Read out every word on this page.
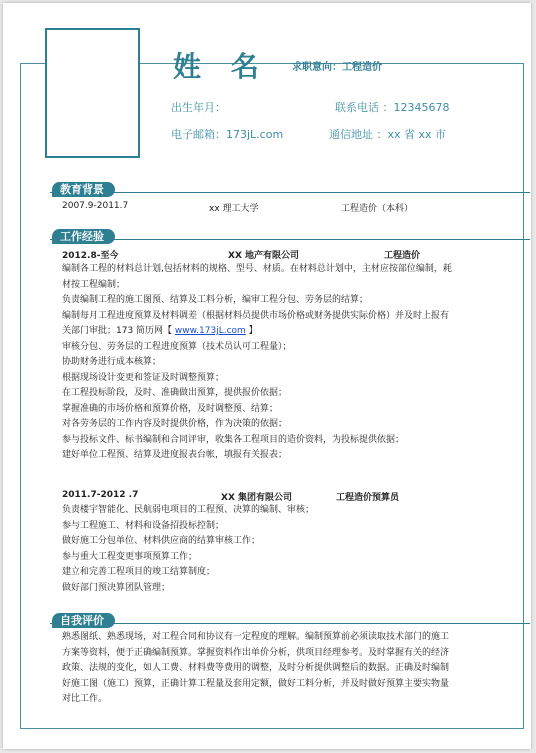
姓 名 求职意向：工程造价
出生年月：	联系电话 ：12345678
电子邮箱：173jL.com	通信地址 ：xx 省 xx 市
教育背景
2007.9-2011.7	xx 理工大学	工程造价（本科）
工作经验
2012.8-至今	XX 地产有限公司	工程造价
编制各工程的材料总计划,包括材料的规格、型号、材质。在材料总计划中，主材应按部位编制，耗
材按工程编制；
负责编制工程的施工图预、结算及工料分析，编审工程分包、劳务层的结算；
编制每月工程进度预算及材料调差（根据材料员提供市场价格或财务提供实际价格）并及时上报有
关部门审批；173 简历网【 www.173jL.com 】
审核分包、劳务层的工程进度预算（技术员认可工程量）；
协助财务进行成本核算；
根据现场设计变更和签证及时调整预算；
在工程投标阶段，及时、准确做出预算，提供报价依据；
掌握准确的市场价格和预算价格，及时调整预、结算；
对各劳务层的工作内容及时提供价格，作为决策的依据；
参与投标文件、标书编制和合同评审，收集各工程项目的造价资料，为投标提供依据；
建好单位工程预、结算及进度报表台帐，填报有关报表；
2011.7-2012 .7	XX 集团有限公司	工程造价预算员
负责楼宇智能化、民航弱电项目的工程预、决算的编制、审核；
参与工程施工、材料和设备招投标控制；
做好施工分包单位、材料供应商的结算审核工作；
参与重大工程变更事项预算工作；
建立和完善工程项目的竣工结算制度；
做好部门预决算团队管理；
自我评价
熟悉图纸、熟悉现场，对工程合同和协议有一定程度的理解。编制预算前必须读取技术部门的施工
方案等资料，便于正确编制预算。掌握资料作出单价分析，供项目经理参考。及时掌握有关的经济
政策、法规的变化，如人工费、材料费等费用的调整，及时分析提供调整后的数据。正确及时编制
好施工图（施工）预算，正确计算工程量及套用定额，做好工料分析，并及时做好预算主要实物量
对比工作。
